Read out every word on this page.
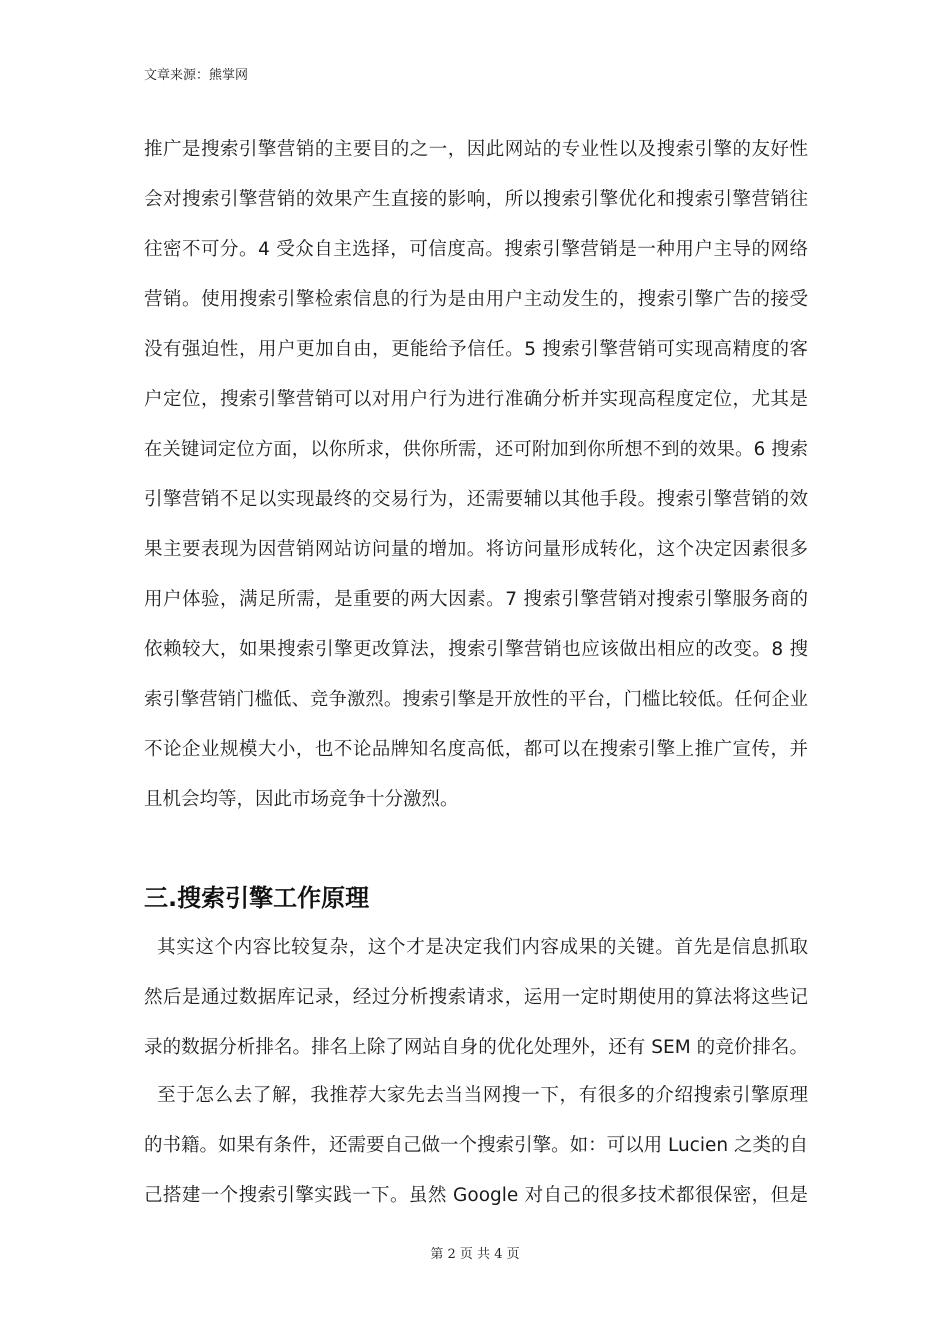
文章来源：熊掌网
推广是搜索引擎营销的主要目的之一，因此网站的专业性以及搜索引擎的友好性
会对搜索引擎营销的效果产生直接的影响，所以搜索引擎优化和搜索引擎营销往
往密不可分。4 受众自主选择，可信度高。搜索引擎营销是一种用户主导的网络
营销。使用搜索引擎检索信息的行为是由用户主动发生的，搜索引擎广告的接受
没有强迫性，用户更加自由，更能给予信任。5 搜索引擎营销可实现高精度的客
户定位，搜索引擎营销可以对用户行为进行准确分析并实现高程度定位，尤其是
在关键词定位方面，以你所求，供你所需，还可附加到你所想不到的效果。6 搜索
引擎营销不足以实现最终的交易行为，还需要辅以其他手段。搜索引擎营销的效
果主要表现为因营销网站访问量的增加。将访问量形成转化，这个决定因素很多
用户体验，满足所需，是重要的两大因素。7 搜索引擎营销对搜索引擎服务商的
依赖较大，如果搜索引擎更改算法，搜索引擎营销也应该做出相应的改变。8 搜
索引擎营销门槛低、竞争激烈。搜索引擎是开放性的平台，门槛比较低。任何企业
不论企业规模大小，也不论品牌知名度高低，都可以在搜索引擎上推广宣传，并
且机会均等，因此市场竞争十分激烈。
三.搜索引擎工作原理
其实这个内容比较复杂，这个才是决定我们内容成果的关键。首先是信息抓取
然后是通过数据库记录，经过分析搜索请求，运用一定时期使用的算法将这些记
录的数据分析排名。排名上除了网站自身的优化处理外，还有 SEM 的竞价排名。
至于怎么去了解，我推荐大家先去当当网搜一下，有很多的介绍搜索引擎原理
的书籍。如果有条件，还需要自己做一个搜索引擎。如：可以用 Lucien 之类的自
己搭建一个搜索引擎实践一下。虽然 Google 对自己的很多技术都很保密，但是
第 2 页 共 4 页
